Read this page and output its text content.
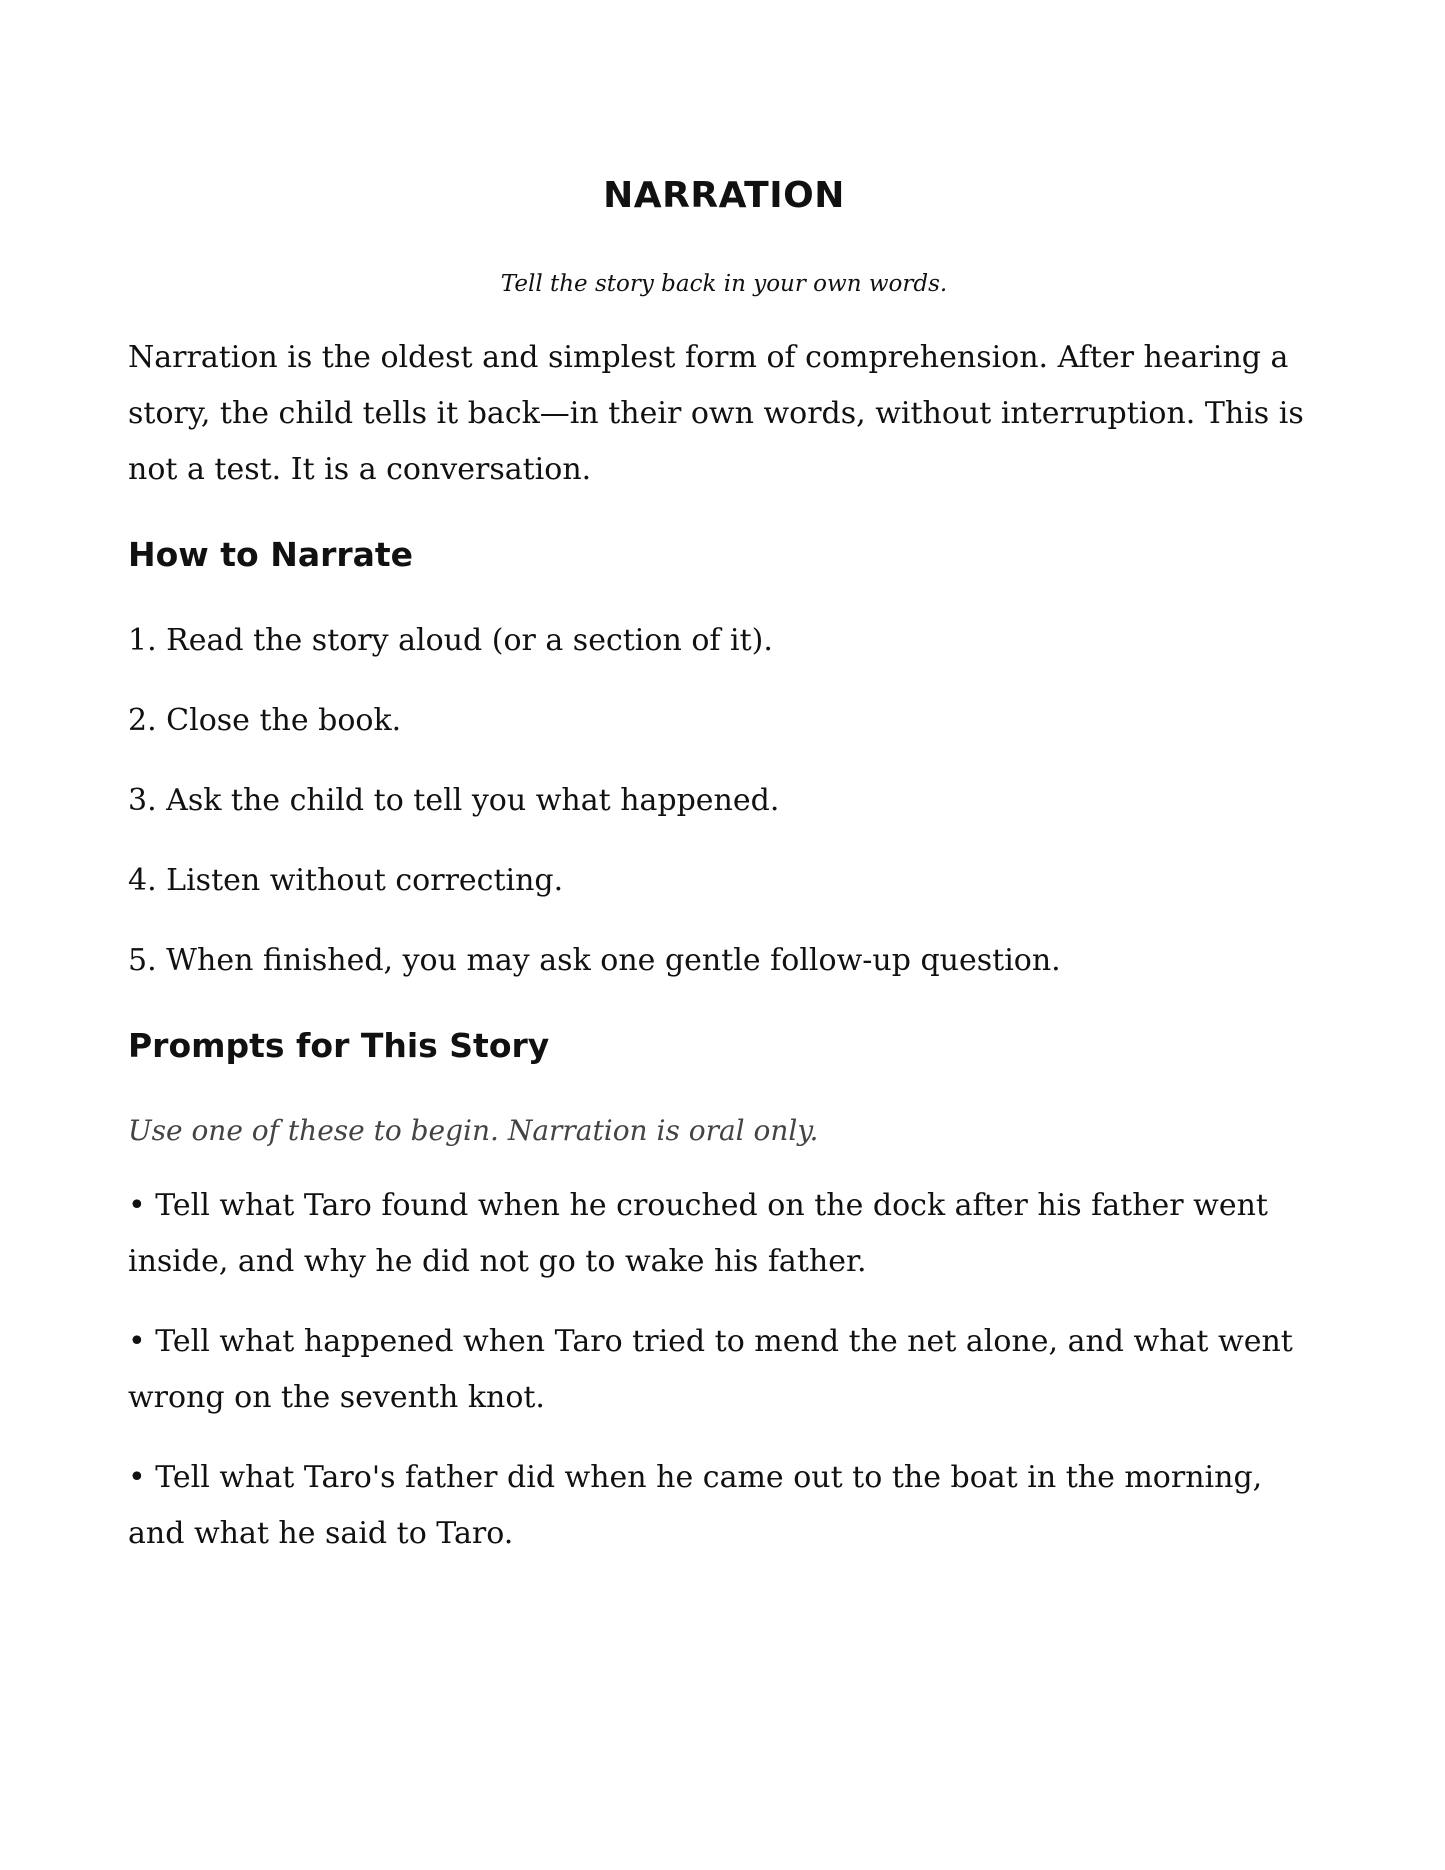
NARRATION

Tell the story back in your own words.

Narration is the oldest and simplest form of comprehension. After hearing a story, the child tells it back—in their own words, without interruption. This is not a test. It is a conversation.

How to Narrate

1. Read the story aloud (or a section of it).

2. Close the book.

3. Ask the child to tell you what happened.

4. Listen without correcting.

5. When finished, you may ask one gentle follow-up question.

Prompts for This Story

Use one of these to begin. Narration is oral only.

• Tell what Taro found when he crouched on the dock after his father went inside, and why he did not go to wake his father.

• Tell what happened when Taro tried to mend the net alone, and what went wrong on the seventh knot.

• Tell what Taro's father did when he came out to the boat in the morning, and what he said to Taro.
